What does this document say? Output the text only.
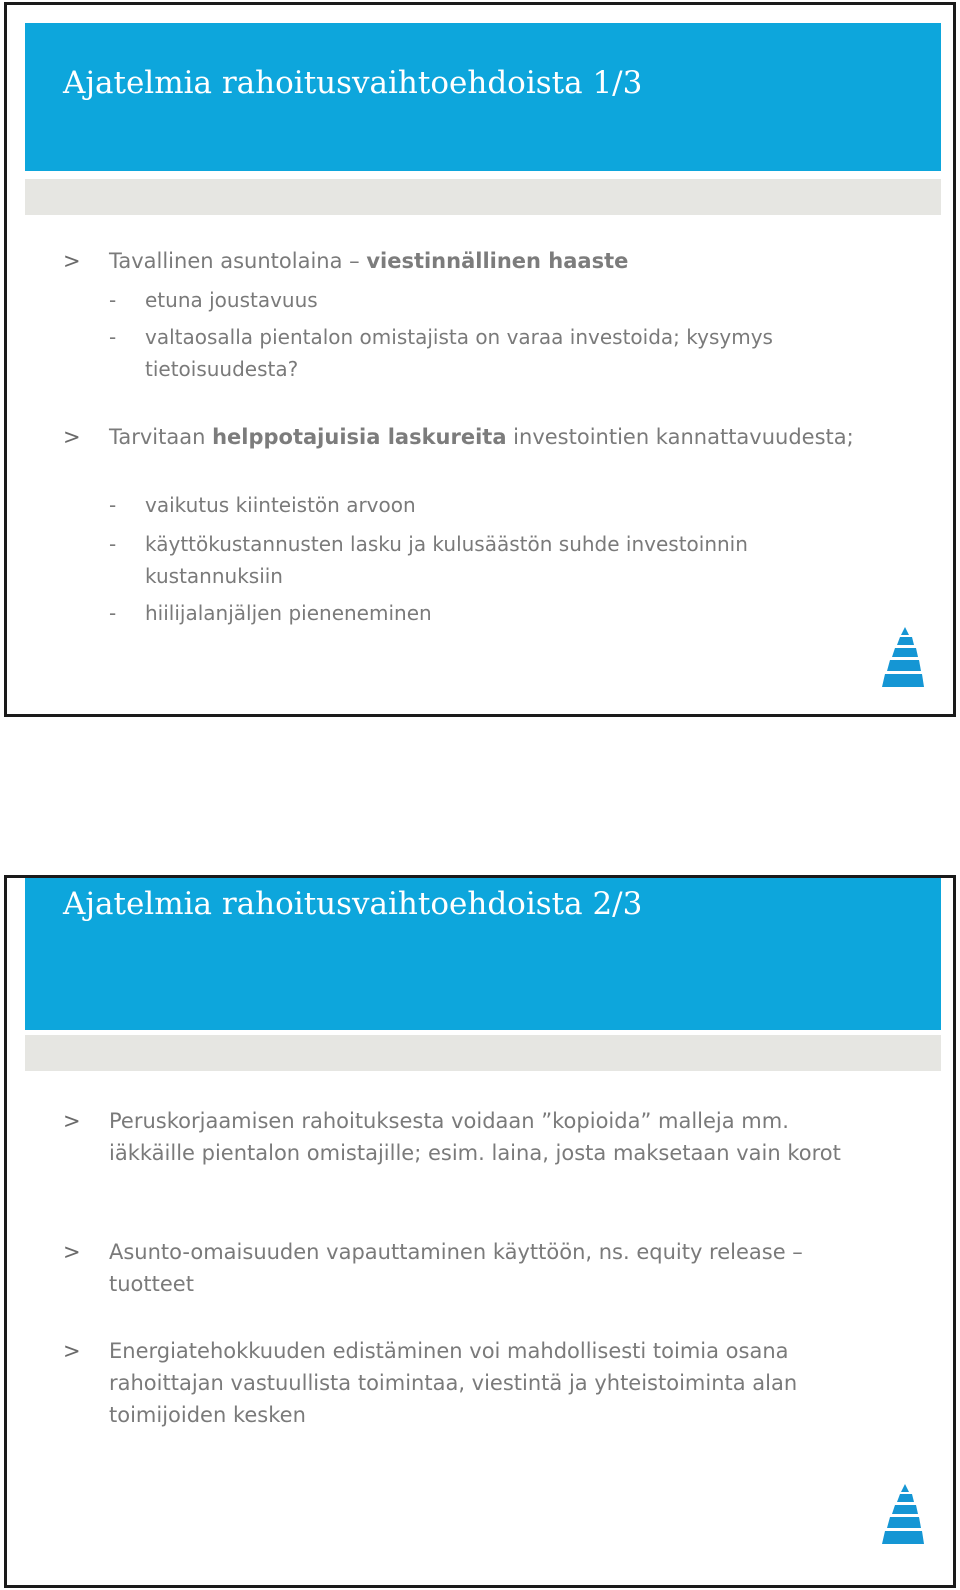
Ajatelmia rahoitusvaihtoehdoista 1/3
> Tavallinen asuntolaina – viestinnällinen haaste
- etuna joustavuus
- valtaosalla pientalon omistajista on varaa investoida; kysymys tietoisuudesta?
> Tarvitaan helppotajuisia laskureita investointien kannattavuudesta;
- vaikutus kiinteistön arvoon
- käyttökustannusten lasku ja kulusäästön suhde investoinnin kustannuksiin
- hiilijalanjäljen pieneneminen
Ajatelmia rahoitusvaihtoehdoista 2/3
> Peruskorjaamisen rahoituksesta voidaan ”kopioida” malleja mm. iäkkäille pientalon omistajille; esim. laina, josta maksetaan vain korot
> Asunto-omaisuuden vapauttaminen käyttöön, ns. equity release – tuotteet
> Energiatehokkuuden edistäminen voi mahdollisesti toimia osana rahoittajan vastuullista toimintaa, viestintä ja yhteistoiminta alan toimijoiden kesken
